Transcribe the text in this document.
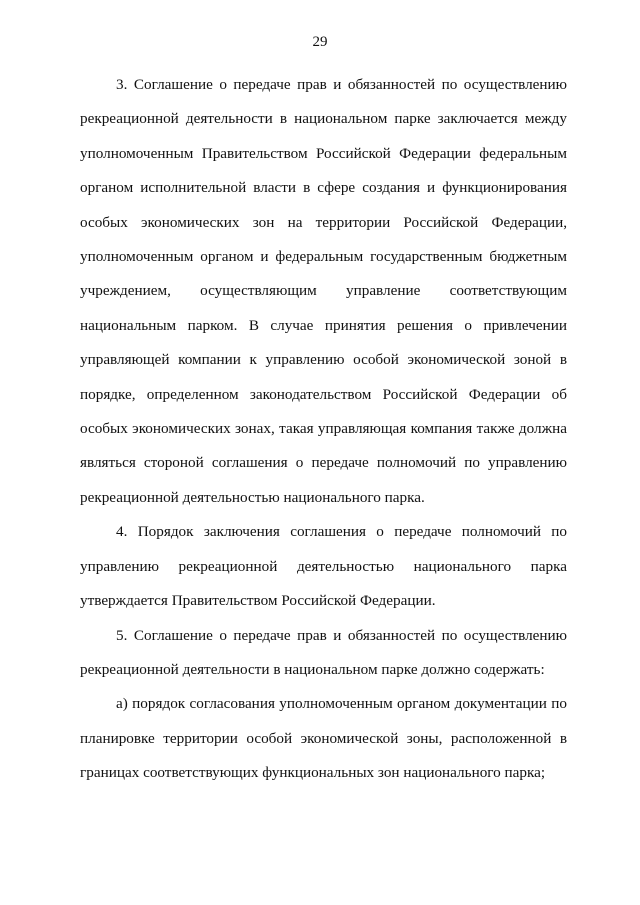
29
3. Соглашение о передаче прав и обязанностей по осуществлению
рекреационной деятельности в национальном парке заключается между
уполномоченным Правительством Российской Федерации федеральным
органом исполнительной власти в сфере создания и функционирования
особых экономических зон на территории Российской Федерации,
уполномоченным органом и федеральным государственным бюджетным
учреждением, осуществляющим управление соответствующим
национальным парком. В случае принятия решения о привлечении
управляющей компании к управлению особой экономической зоной в
порядке, определенном законодательством Российской Федерации об
особых экономических зонах, такая управляющая компания также должна
являться стороной соглашения о передаче полномочий по управлению
рекреационной деятельностью национального парка.
4. Порядок заключения соглашения о передаче полномочий по
управлению рекреационной деятельностью национального парка
утверждается Правительством Российской Федерации.
5. Соглашение о передаче прав и обязанностей по осуществлению
рекреационной деятельности в национальном парке должно содержать:
а) порядок согласования уполномоченным органом документации по
планировке территории особой экономической зоны, расположенной в
границах соответствующих функциональных зон национального парка;
